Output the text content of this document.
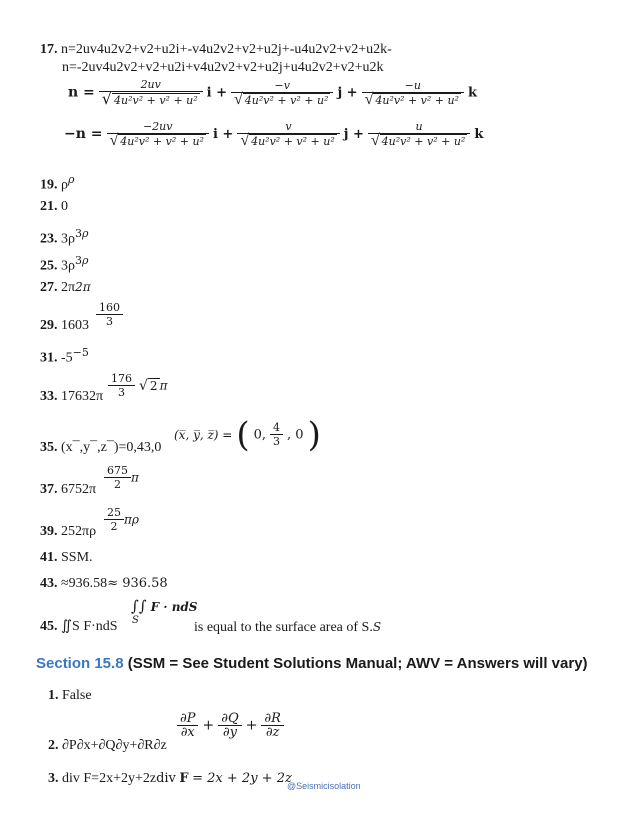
17. n=2uv4u2v2+v2+u2i+-v4u2v2+v2+u2j+-u4u2v2+v2+u2k-
n=-2uv4u2v2+v2+u2i+v4u2v2+v2+u2j+u4u2v2+v2+u2k
$n = \frac{2uv}{\text{√ 4u²v² + v² + u²}}$ $i + \frac{-v}{\text{√ 4u²v² + v² + u²}}$ $j + \frac{-u}{\text{√ 4u²v² + v² + u²}}$ k
$-n = \frac{-2uv}{\text{√ 4u²v² + v² + u²}}$ $i + \frac{v}{\text{√ 4u²v² + v² + u²}}$ $j + \frac{u}{\text{√ 4u²v² + v² + u²}}$ k
19. $\rho^\rho$
21. 0
23. $3\rho^{3\rho}$
25. $3\rho^{3\rho}$
27. 2π2π
29. $1603 \frac{160}{3}$
31. $-5^{-5}$
33. $17632\pi \frac{176}{3}$ √ 2 π
35. (x¯,y¯,z¯)=0,43,0
(x̅, y̅, z̅) = ( 0, $\frac{4}{3}$ , 0 )
37. $6752\pi \frac{675}{2}$ π
39. $252\pi\rho \frac{25}{2}$ πρ
41. SSM.
43. ≈936.58≈ 936.58
45. ∬S F·ndS
∫∫ F · ndS
S	is equal to the surface area of S.S
Section 15.8 (SSM = See Student Solutions Manual; AWV = Answers will vary)
1. False
2. ∂P∂x+∂Q∂y+∂R∂z
$\frac{\partial P}{\partial x} + \frac{\partial Q}{\partial y} + \frac{\partial R}{\partial z}$
3. div F=2x+2y+2zdiv F = 2x + 2y + 2z
@Seismicisolation
